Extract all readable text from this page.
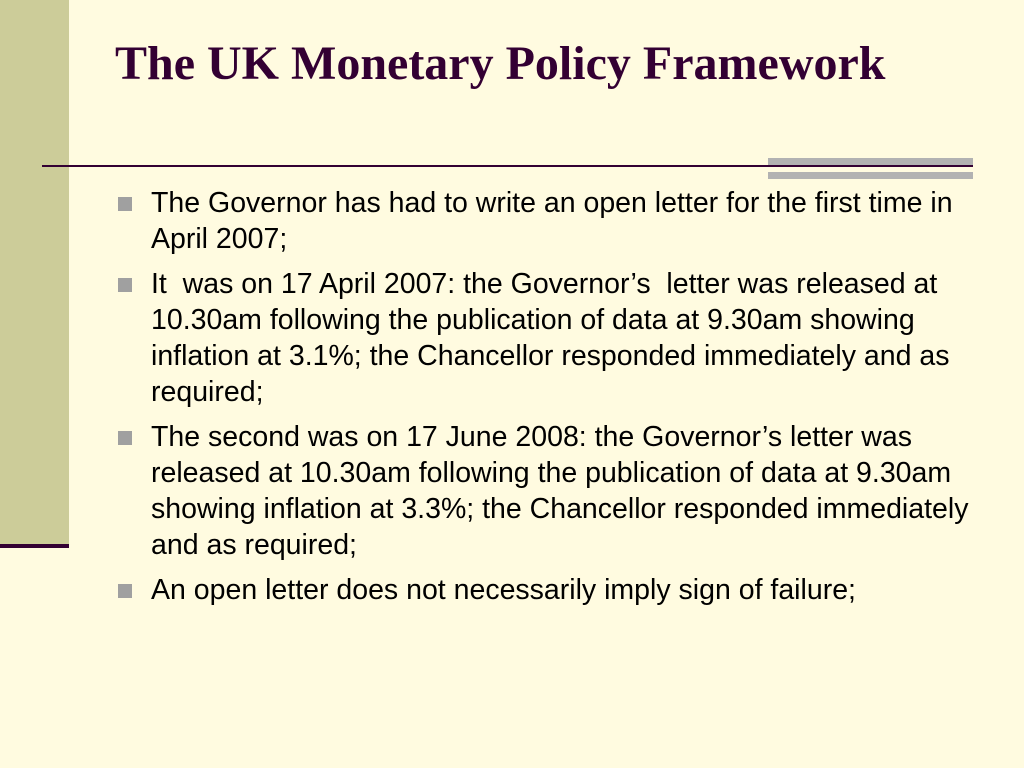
The UK Monetary Policy Framework
The Governor has had to write an open letter for the first time in April 2007;
It  was on 17 April 2007: the Governor’s  letter was released at 10.30am following the publication of data at 9.30am showing inflation at 3.1%; the Chancellor responded immediately and as required;
The second was on 17 June 2008: the Governor’s letter was released at 10.30am following the publication of data at 9.30am showing inflation at 3.3%; the Chancellor responded immediately and as required;
An open letter does not necessarily imply sign of failure;
